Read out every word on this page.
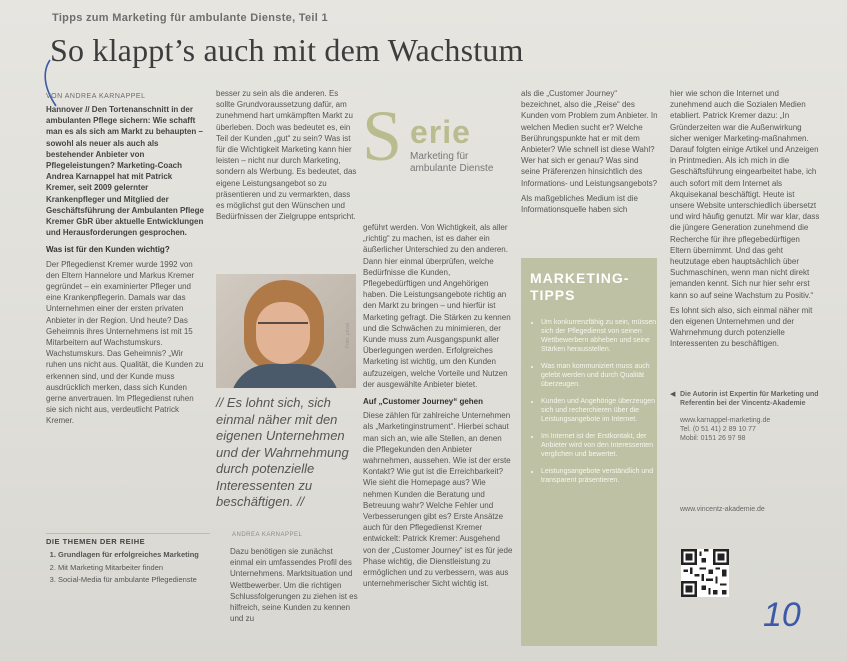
Tipps zum Marketing für ambulante Dienste, Teil 1
So klappt’s auch mit dem Wachstum
VON ANDREA KARNAPPEL

Hannover // Den Tortenanschnitt in der ambulanten Pflege sichern: Wie schafft man es als sich am Markt zu behaupten – sowohl als neuer als auch als bestehender Anbieter von Pflegeleistungen? Marketing-Coach Andrea Karnappel hat mit Patrick Kremer, seit 2009 gelernter Krankenpfleger und Mitglied der Geschäftsführung der Ambulanten Pflege Kremer GbR über aktuelle Entwicklungen und Herausforderungen gesprochen.

Was ist für den Kunden wichtig?

Der Pflegedienst Kremer wurde 1992 von den Eltern Hannelore und Markus Kremer gegründet – ein examinierter Pfleger und eine Krankenpflegerin. Damals war das Unternehmen einer der ersten privaten Anbieter in der Region. Und heute? Das Geheimnis ihres Unternehmens ist mit 15 Mitarbeitern auf Wachstumskurs. Wachstumskurs. Das Geheimnis? „Wir ruhen uns nicht aus. Qualität, die Kunden zu erkennen sind, und der Kunde muss ausdrücklich merken, dass sich Kunden gerne anvertrauen. Im Pflegedienst ruhen sie sich nicht aus, verdeutlicht Patrick Kremer.

besser zu sein als die anderen. Es sollte Grundvoraussetzung dafür, am zunehmend hart umkämpften Markt zu überleben. Doch was bedeutet es, ein Teil der Kunden „gut“ zu sein? Was ist für die Wichtigkeit Marketing kann hier leisten – nicht nur durch Marketing, sondern als Werbung. Es bedeutet, das eigene Leistungsangebot so zu präsentieren und zu vermarkten, dass es möglichst gut den Wünschen und Bedürfnissen der Zielgruppe entspricht.

Foto: privat
// Es lohnt sich, sich einmal näher mit den eigenen Unternehmen und der Wahrnehmung durch potenzielle Interessenten zu beschäftigen. //
ANDREA KARNAPPEL

Dazu benötigen sie zunächst einmal ein umfassendes Profil des Unternehmens. Marktsituation und Wettbewerber. Um die richtigen Schlussfolgerungen zu ziehen ist es hilfreich, seine Kunden zu kennen und zu

DIE THEMEN DER REIHE
1. Grundlagen für erfolgreiches Marketing
2. Mit Marketing Mitarbeiter finden
3. Social-Media für ambulante Pflegedienste
S erie
Marketing für
ambulante Dienste

geführt werden. Von Wichtigkeit, als aller „richtig“ zu machen, ist es daher ein äußerlicher Unterschied zu den anderen. Dann hier einmal überprüfen, welche Bedürfnisse die Kunden, Pflegebedürftigen und Angehörigen haben. Die Leistungsangebote richtig an den Markt zu bringen – und hierfür ist Marketing gefragt. Die Stärken zu kennen und die Schwächen zu minimieren, der Kunde muss zum Ausgangspunkt aller Überlegungen werden. Erfolgreiches Marketing ist wichtig, um den Kunden aufzuzeigen, welche Vorteile und Nutzen der ausgewählte Anbieter bietet.

Auf „Customer Journey“ gehen

Diese zählen für zahlreiche Unternehmen als „Marketinginstrument“. Hierbei schaut man sich an, wie alle Stellen, an denen die Pflegekunden den Anbieter wahrnehmen, aussehen. Wie ist der erste Kontakt? Wie gut ist die Erreichbarkeit? Wie sieht die Homepage aus? Wie nehmen Kunden die Beratung und Betreuung wahr? Welche Fehler und Verbesserungen gibt es? Erste Ansätze auch für den Pflegedienst Kremer entwickelt: Patrick Kremer: Ausgehend von der „Customer Journey“ ist es für jede Phase wichtig, die Dienstleistung zu ermöglichen und zu verbessern, was aus unternehmerischer Sicht wichtig ist.

als die „Customer Journey“ bezeichnet, also die „Reise“ des Kunden vom Problem zum Anbieter. In welchen Medien sucht er? Welche Berührungspunkte hat er mit dem Anbieter? Wie schnell ist diese Wahl? Wer hat sich er genau? Was sind seine Präferenzen hinsichtlich des Informations- und Leistungsangebots?

Als maßgebliches Medium ist die Informationsquelle haben sich

MARKETING-
TIPPS
• Um konkurrenzfähig zu sein, müssen sich der Pflegedienst von seinen Wettbewerbern abheben und seine Stärken herausstellen.
• Was man kommuniziert muss auch gelebt werden und durch Qualität überzeugen.
• Kunden und Angehörige überzeugen sich und recherchieren über die Leistungsangebote im Internet.
• Im Internet ist der Erstkontakt, der Anbieter wird von den Interessenten verglichen und bewertet.
• Leistungsangebote verständlich und transparent präsentieren.

hier wie schon die Internet und zunehmend auch die Sozialen Medien etabliert. Patrick Kremer dazu: „In Gründerzeiten war die Außenwirkung sicher weniger Marketing-maßnahmen. Darauf folgten einige Artikel und Anzeigen in Printmedien. Als ich mich in die Geschäftsführung eingearbeitet habe, ich auch sofort mit dem Internet als Akquisekanal beschäftigt. Heute ist unsere Website unterschiedlich übersetzt und wird häufig genutzt. Mir war klar, dass die jüngere Generation zunehmend die Recherche für ihre pflegebedürftigen Eltern übernimmt. Und das geht heutzutage eben hauptsächlich über Suchmaschinen, wenn man nicht direkt jemanden kennt. Sich nur hier sehr erst kann so auf seine Wachstum zu Positiv.“

Es lohnt sich also, sich einmal näher mit den eigenen Unternehmen und der Wahrnehmung durch potenzielle Interessenten zu beschäftigen.

◀ Die Autorin ist Expertin für Marketing und Referentin bei der Vincentz-Akademie
www.karnappel-marketing.de
Tel. (0 51 41) 2 89 10 77
Mobil: 0151 26 97 98
www.vincentz-akademie.de
10
